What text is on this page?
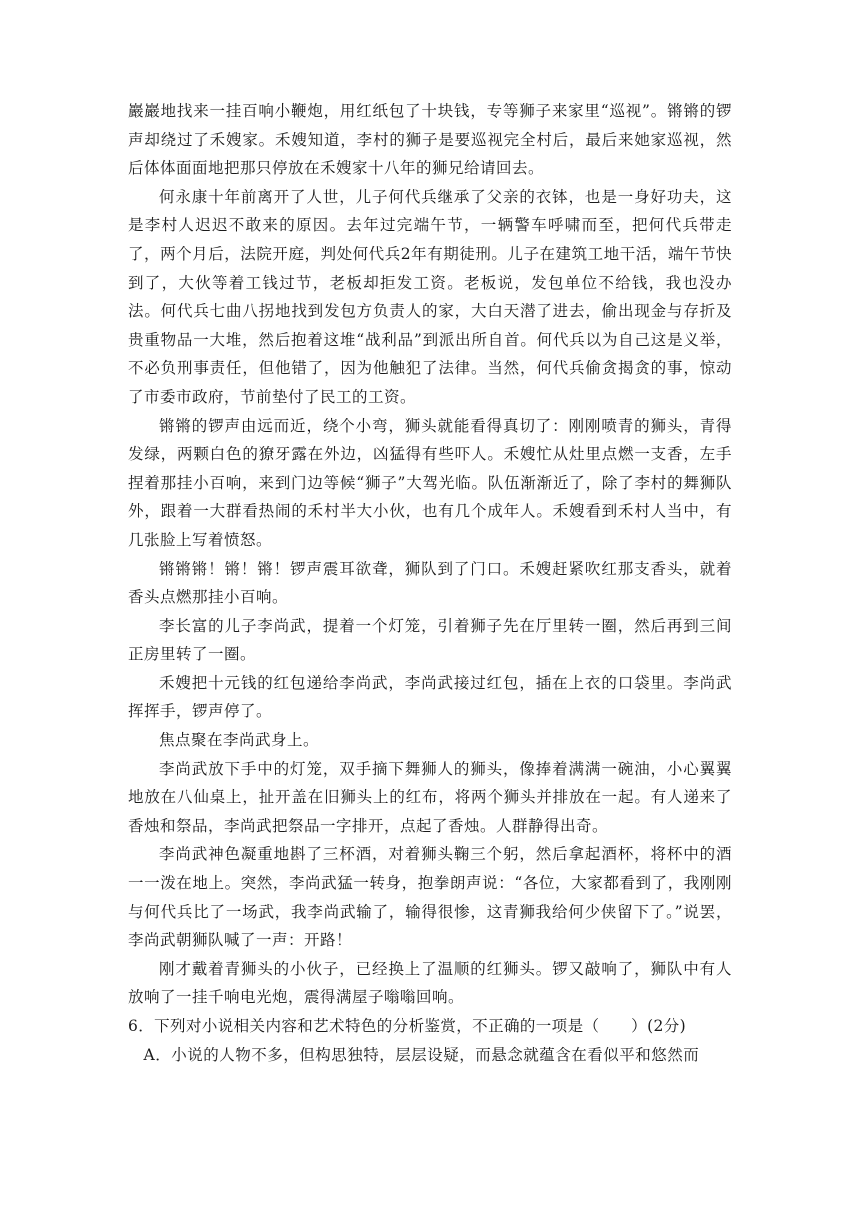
巖巖地找来一挂百响小鞭炮，用红纸包了十块钱，专等狮子来家里“巡视”。锵锵的锣声却绕过了禾嫂家。禾嫂知道，李村的狮子是要巡视完全村后，最后来她家巡视，然后体体面面地把那只停放在禾嫂家十八年的狮兄给请回去。

何永康十年前离开了人世，儿子何代兵继承了父亲的衣钵，也是一身好功夫，这是李村人迟迟不敢来的原因。去年过完端午节，一辆警车呼啸而至，把何代兵带走了，两个月后，法院开庭，判处何代兵2年有期徒刑。儿子在建筑工地干活，端午节快到了，大伙等着工钱过节，老板却拒发工资。老板说，发包单位不给钱，我也没办法。何代兵七曲八拐地找到发包方负责人的家，大白天潜了进去，偷出现金与存折及贵重物品一大堆，然后抱着这堆“战利品”到派出所自首。何代兵以为自己这是义举，不必负刑事责任，但他错了，因为他触犯了法律。当然，何代兵偷贪揭贪的事，惊动了市委市政府，节前垫付了民工的工资。

锵锵的锣声由远而近，绕个小弯，狮头就能看得真切了：刚刚喷青的狮头，青得发绿，两颗白色的獠牙露在外边，凶猛得有些吓人。禾嫂忙从灶里点燃一支香，左手捏着那挂小百响，来到门边等候“狮子”大驾光临。队伍渐渐近了，除了李村的舞狮队外，跟着一大群看热闹的禾村半大小伙，也有几个成年人。禾嫂看到禾村人当中，有几张脸上写着愤怒。

锵锵锵！锵！锵！锣声震耳欲聋，狮队到了门口。禾嫂赶紧吹红那支香头，就着香头点燃那挂小百响。

李长富的儿子李尚武，提着一个灯笼，引着狮子先在厅里转一圈，然后再到三间正房里转了一圈。

禾嫂把十元钱的红包递给李尚武，李尚武接过红包，插在上衣的口袋里。李尚武挥挥手，锣声停了。

焦点聚在李尚武身上。

李尚武放下手中的灯笼，双手摘下舞狮人的狮头，像捧着满满一碗油，小心翼翼地放在八仙桌上，扯开盖在旧狮头上的红布，将两个狮头并排放在一起。有人递来了香烛和祭品，李尚武把祭品一字排开，点起了香烛。人群静得出奇。

李尚武神色凝重地斟了三杯酒，对着狮头鞠三个躬，然后拿起酒杯，将杯中的酒一一泼在地上。突然，李尚武猛一转身，抱拳朗声说：“各位，大家都看到了，我刚刚与何代兵比了一场武，我李尚武输了，输得很惨，这青狮我给何少侠留下了。”说罢，李尚武朝狮队喊了一声：开路！

刚才戴着青狮头的小伙子，已经换上了温顺的红狮头。锣又敲响了，狮队中有人放响了一挂千响电光炮，震得满屋子嗡嗡回响。

6．下列对小说相关内容和艺术特色的分析鉴赏，不正确的一项是（　　）(2分)

A．小说的人物不多，但构思独特，层层设疑，而悬念就蕴含在看似平和悠然而
